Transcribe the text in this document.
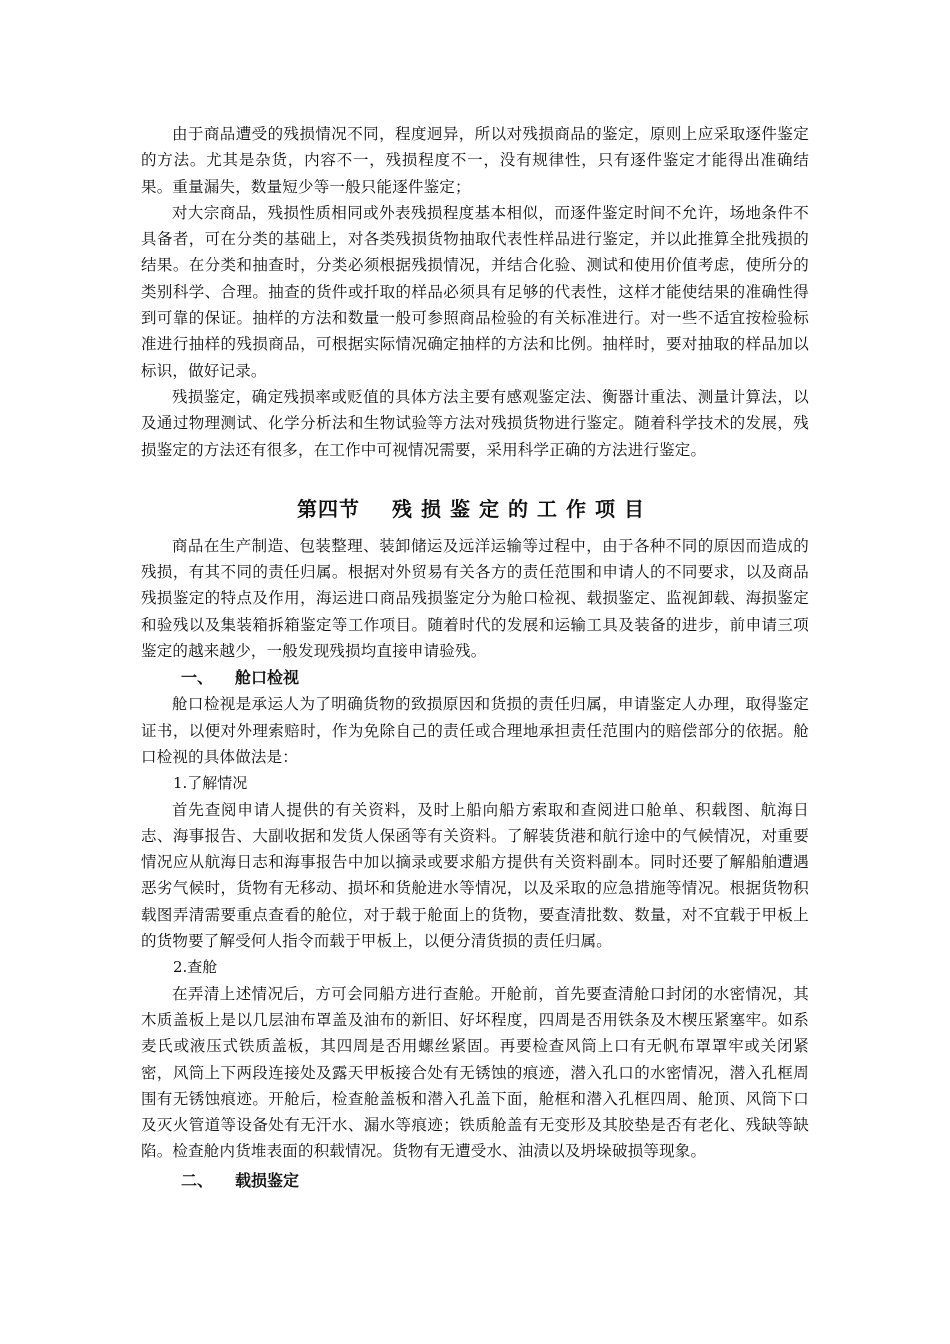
由于商品遭受的残损情况不同，程度迥异，所以对残损商品的鉴定，原则上应采取逐件鉴定的方法。尤其是杂货，内容不一，残损程度不一，没有规律性，只有逐件鉴定才能得出准确结果。重量漏失，数量短少等一般只能逐件鉴定；

对大宗商品，残损性质相同或外表残损程度基本相似，而逐件鉴定时间不允许，场地条件不具备者，可在分类的基础上，对各类残损货物抽取代表性样品进行鉴定，并以此推算全批残损的结果。在分类和抽查时，分类必须根据残损情况，并结合化验、测试和使用价值考虑，使所分的类别科学、合理。抽查的货件或扦取的样品必须具有足够的代表性，这样才能使结果的准确性得到可靠的保证。抽样的方法和数量一般可参照商品检验的有关标准进行。对一些不适宜按检验标准进行抽样的残损商品，可根据实际情况确定抽样的方法和比例。抽样时，要对抽取的样品加以标识，做好记录。

残损鉴定，确定残损率或贬值的具体方法主要有感观鉴定法、衡器计重法、测量计算法，以及通过物理测试、化学分析法和生物试验等方法对残损货物进行鉴定。随着科学技术的发展，残损鉴定的方法还有很多，在工作中可视情况需要，采用科学正确的方法进行鉴定。

第四节 残损鉴定的工作项目

商品在生产制造、包装整理、装卸储运及远洋运输等过程中，由于各种不同的原因而造成的残损，有其不同的责任归属。根据对外贸易有关各方的责任范围和申请人的不同要求，以及商品残损鉴定的特点及作用，海运进口商品残损鉴定分为舱口检视、载损鉴定、监视卸载、海损鉴定和验残以及集装箱拆箱鉴定等工作项目。随着时代的发展和运输工具及装备的进步，前申请三项鉴定的越来越少，一般发现残损均直接申请验残。

一、 舱口检视

舱口检视是承运人为了明确货物的致损原因和货损的责任归属，申请鉴定人办理，取得鉴定证书，以便对外理索赔时，作为免除自己的责任或合理地承担责任范围内的赔偿部分的依据。舱口检视的具体做法是：

1.了解情况

首先查阅申请人提供的有关资料，及时上船向船方索取和查阅进口舱单、积载图、航海日志、海事报告、大副收据和发货人保函等有关资料。了解装货港和航行途中的气候情况，对重要情况应从航海日志和海事报告中加以摘录或要求船方提供有关资料副本。同时还要了解船舶遭遇恶劣气候时，货物有无移动、损坏和货舱进水等情况，以及采取的应急措施等情况。根据货物积载图弄清需要重点查看的舱位，对于载于舱面上的货物，要查清批数、数量，对不宜载于甲板上的货物要了解受何人指令而载于甲板上，以便分清货损的责任归属。

2.查舱

在弄清上述情况后，方可会同船方进行查舱。开舱前，首先要查清舱口封闭的水密情况，其木质盖板上是以几层油布罩盖及油布的新旧、好坏程度，四周是否用铁条及木楔压紧塞牢。如系麦氏或液压式铁质盖板，其四周是否用螺丝紧固。再要检查风筒上口有无帆布罩罩牢或关闭紧密，风筒上下两段连接处及露天甲板接合处有无锈蚀的痕迹，潜入孔口的水密情况，潜入孔框周围有无锈蚀痕迹。开舱后，检查舱盖板和潜入孔盖下面，舱框和潜入孔框四周、舱顶、风筒下口及灭火管道等设备处有无汗水、漏水等痕迹；铁质舱盖有无变形及其胶垫是否有老化、残缺等缺陷。检查舱内货堆表面的积载情况。货物有无遭受水、油渍以及坍垛破损等现象。

二、 载损鉴定
